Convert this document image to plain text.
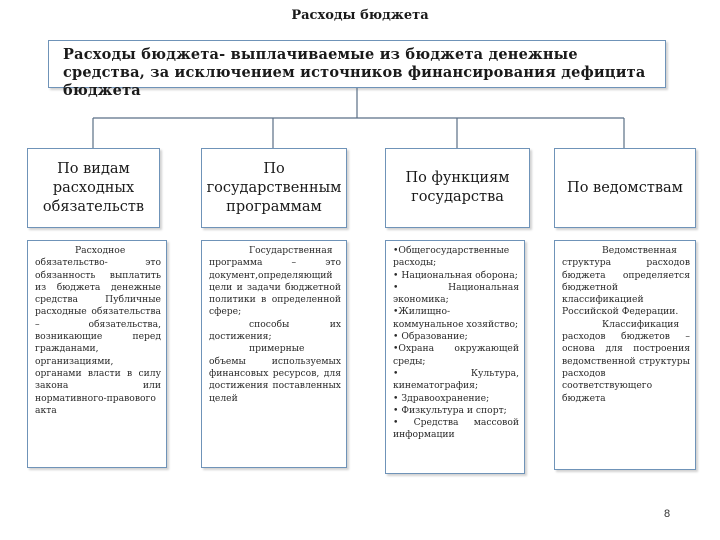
Расходы бюджета
Расходы бюджета- выплачиваемые из бюджета денежные средства, за исключением источников финансирования дефицита бюджета
По видам расходных обязательств
По государственным программам
По функциям государства
По ведомствам

Расходное обязательство- это обязанность выплатить из бюджета денежные средства Публичные расходные обязательства – обязательства, возникающие перед гражданами, организациями, органами власти в силу закона или нормативного-правового акта

Государственная программа – это документ,определяющий цели и задачи бюджетной политики в определенной сфере;

способы их достижения;

примерные объемы используемых финансовых ресурсов, для достижения поставленных целей

•Общегосударственные расходы;

• Национальная оборона;

• Национальная экономика;

•Жилищно-коммунальное хозяйство;

• Образование;

•Охрана окружающей среды;

• Культура, кинематография;

• Здравоохранение;

• Физкультура и спорт;

• Средства массовой информации

Ведомственная структура расходов бюджета определяется бюджетной классификацией Российской Федерации.

Классификация расходов бюджетов – основа для построения ведомственной структуры расходов соответствующего бюджета

8
